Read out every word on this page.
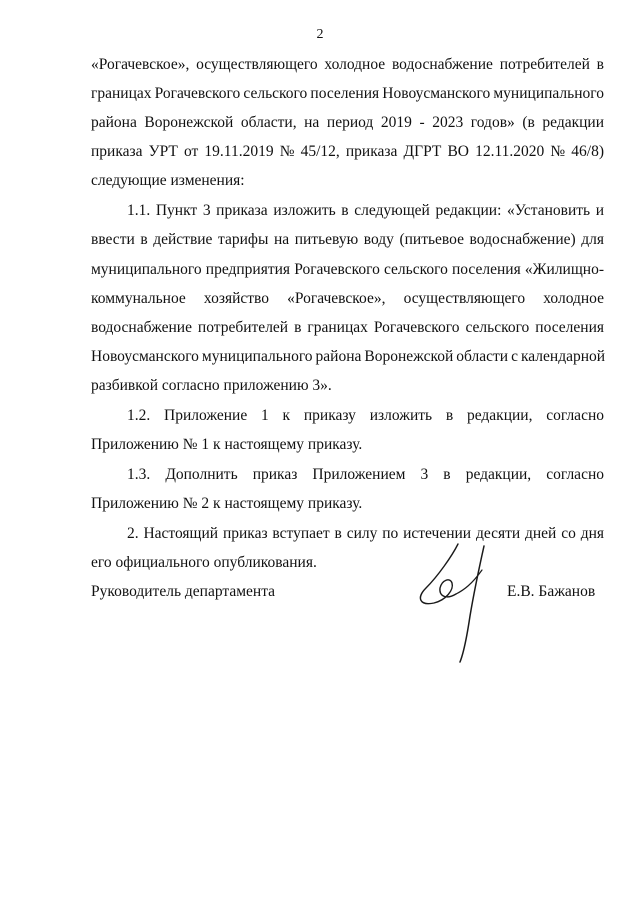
2
«Рогачевское», осуществляющего холодное водоснабжение потребителей в
границах Рогачевского сельского поселения Новоусманского муниципального
района Воронежской области, на период 2019 - 2023 годов» (в редакции
приказа УРТ от 19.11.2019 № 45/12, приказа ДГРТ ВО 12.11.2020 № 46/8)
следующие изменения:
1.1. Пункт 3 приказа изложить в следующей редакции: «Установить и
ввести в действие тарифы на питьевую воду (питьевое водоснабжение) для
муниципального предприятия Рогачевского сельского поселения «Жилищно-
коммунальное хозяйство «Рогачевское», осуществляющего холодное
водоснабжение потребителей в границах Рогачевского сельского поселения
Новоусманского муниципального района Воронежской области с календарной
разбивкой согласно приложению 3».
1.2. Приложение 1 к приказу изложить в редакции, согласно
Приложению № 1 к настоящему приказу.
1.3. Дополнить приказ Приложением 3 в редакции, согласно
Приложению № 2 к настоящему приказу.
2. Настоящий приказ вступает в силу по истечении десяти дней со дня
его официального опубликования.
Руководитель департамента	Е.В. Бажанов
